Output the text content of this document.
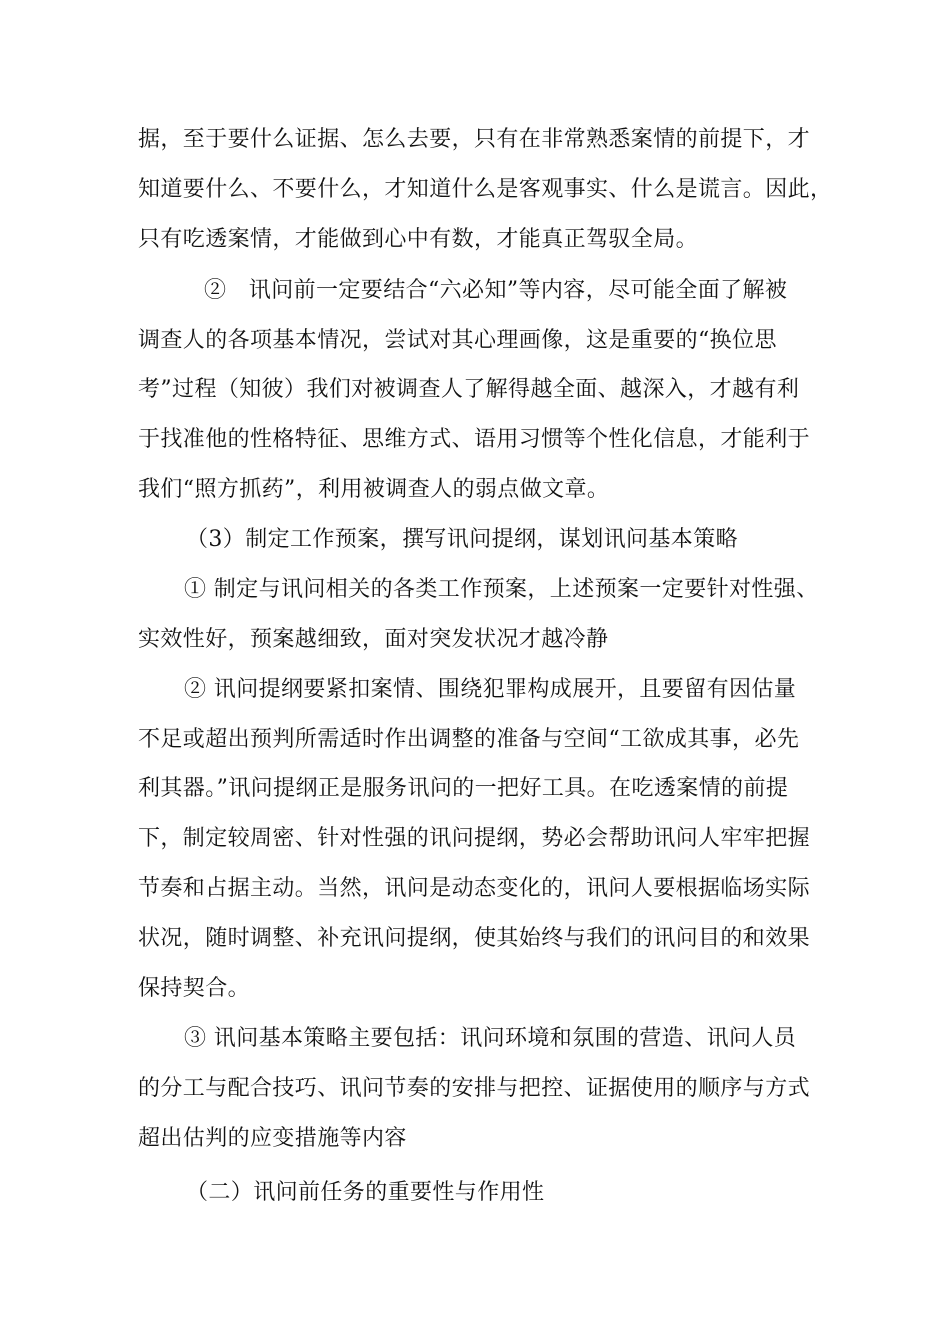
据，至于要什么证据、怎么去要，只有在非常熟悉案情的前提下，才
知道要什么、不要什么，才知道什么是客观事实、什么是谎言。因此，
只有吃透案情，才能做到心中有数，才能真正驾驭全局。
②　讯问前一定要结合“六必知”等内容，尽可能全面了解被
调查人的各项基本情况，尝试对其心理画像，这是重要的“换位思
考”过程（知彼）我们对被调查人了解得越全面、越深入，才越有利
于找准他的性格特征、思维方式、语用习惯等个性化信息，才能利于
我们“照方抓药”，利用被调查人的弱点做文章。
（3）制定工作预案，撰写讯问提纲，谋划讯问基本策略
① 制定与讯问相关的各类工作预案，上述预案一定要针对性强、
实效性好，预案越细致，面对突发状况才越冷静
② 讯问提纲要紧扣案情、围绕犯罪构成展开，且要留有因估量
不足或超出预判所需适时作出调整的准备与空间“工欲成其事，必先
利其器。”讯问提纲正是服务讯问的一把好工具。在吃透案情的前提
下，制定较周密、针对性强的讯问提纲，势必会帮助讯问人牢牢把握
节奏和占据主动。当然，讯问是动态变化的，讯问人要根据临场实际
状况，随时调整、补充讯问提纲，使其始终与我们的讯问目的和效果
保持契合。
③ 讯问基本策略主要包括：讯问环境和氛围的营造、讯问人员
的分工与配合技巧、讯问节奏的安排与把控、证据使用的顺序与方式
超出估判的应变措施等内容
（二）讯问前任务的重要性与作用性
